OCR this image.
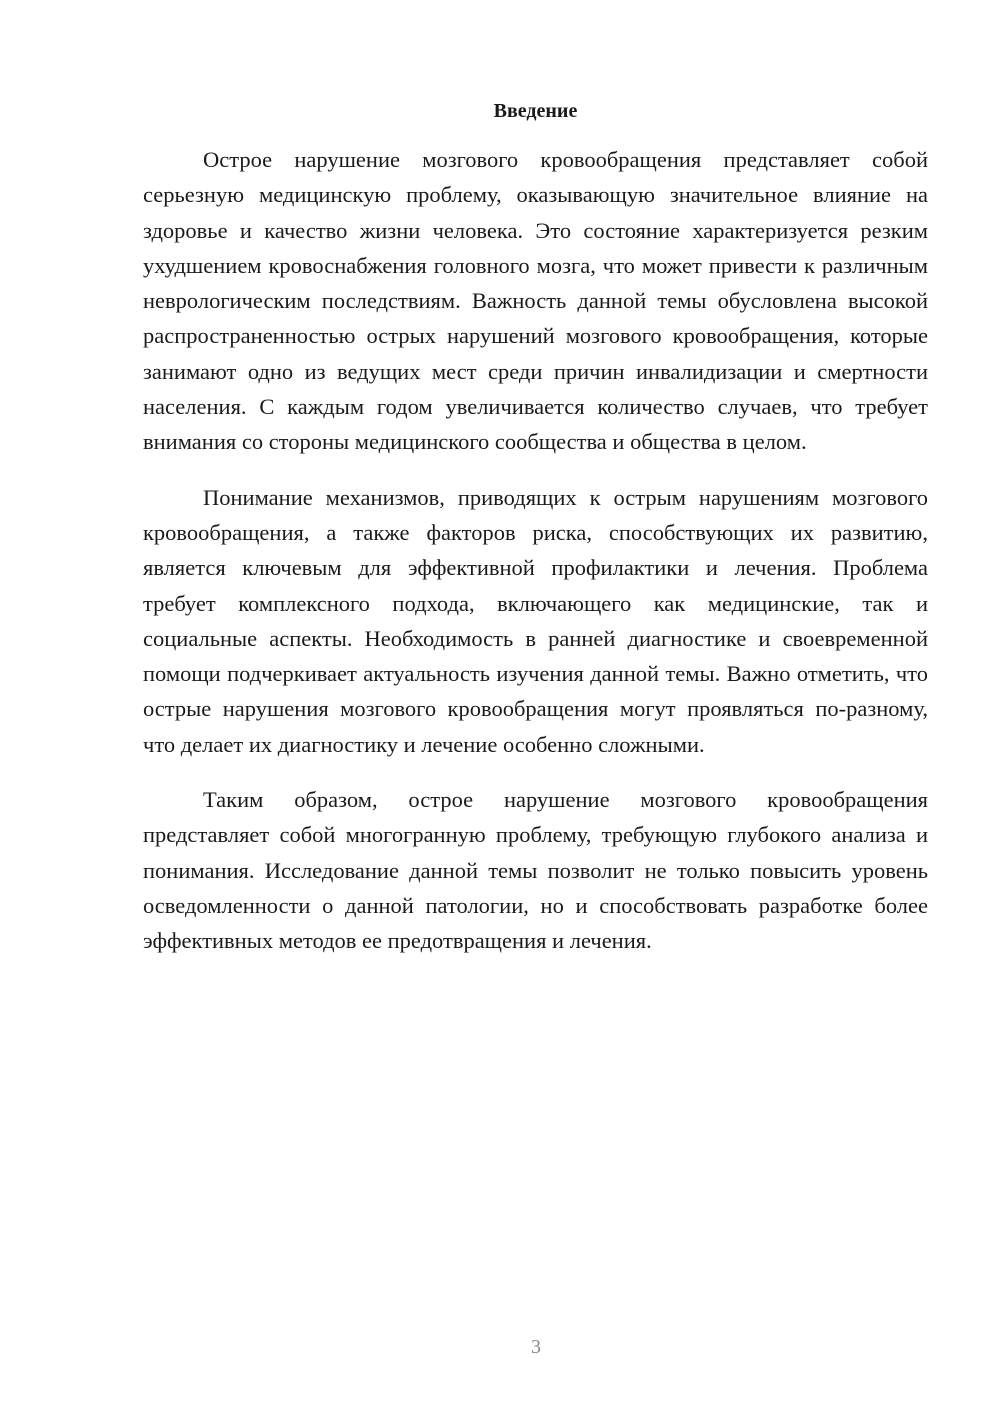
Введение

Острое нарушение мозгового кровообращения представляет собой серьезную медицинскую проблему, оказывающую значительное влияние на здоровье и качество жизни человека. Это состояние характеризуется резким ухудшением кровоснабжения головного мозга, что может привести к различным неврологическим последствиям. Важность данной темы обусловлена высокой распространенностью острых нарушений мозгового кровообращения, которые занимают одно из ведущих мест среди причин инвалидизации и смертности населения. С каждым годом увеличивается количество случаев, что требует внимания со стороны медицинского сообщества и общества в целом.

Понимание механизмов, приводящих к острым нарушениям мозгового кровообращения, а также факторов риска, способствующих их развитию, является ключевым для эффективной профилактики и лечения. Проблема требует комплексного подхода, включающего как медицинские, так и социальные аспекты. Необходимость в ранней диагностике и своевременной помощи подчеркивает актуальность изучения данной темы. Важно отметить, что острые нарушения мозгового кровообращения могут проявляться по-разному, что делает их диагностику и лечение особенно сложными.

Таким образом, острое нарушение мозгового кровообращения представляет собой многогранную проблему, требующую глубокого анализа и понимания. Исследование данной темы позволит не только повысить уровень осведомленности о данной патологии, но и способствовать разработке более эффективных методов ее предотвращения и лечения.

3
